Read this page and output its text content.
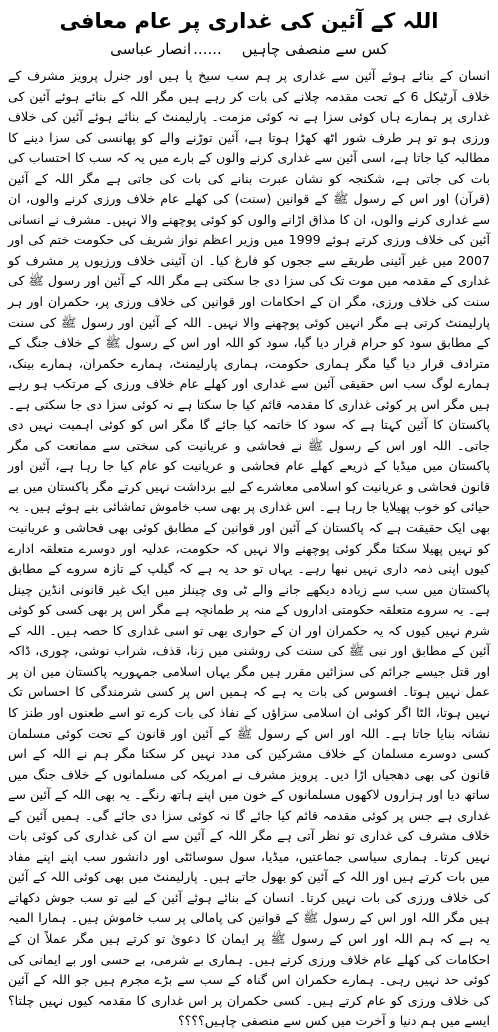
اللہ کے آئین کی غداری پر عام معافی
کس سے منصفی چاہیں......انصار عباسی

انسان کے بنائے ہوئے آئین سے غداری پر ہم سب سیخ پا ہیں اور جنرل پرویز مشرف کے خلاف آرٹیکل 6 کے تحت مقدمہ چلانے کی بات کر رہے ہیں مگر اللہ کے بنائے ہوئے آئین کی غداری پر ہمارے ہاں کوئی سزا ہے نہ کوئی مزمت۔ پارلیمنٹ کے بنائے ہوئے آئین کی خلاف ورزی ہو تو ہر طرف شور اٹھ کھڑا ہوتا ہے، آئین توڑنے والے کو پھانسی کی سزا دینے کا مطالبہ کیا جاتا ہے، اسی آئین سے غداری کرنے والوں کے بارے میں یہ کہ سب کا احتساب کی بات کی جاتی ہے، شکنجہ کو نشان عبرت بنانے کی بات کی جاتی ہے مگر اللہ کے آئین (قرآن) اور اس کے رسول ﷺ کے قوانین (سنت) کی کھلے عام خلاف ورزی کرنے والوں، ان سے غداری کرنے والوں، ان کا مذاق اڑانے والوں کو کوئی پوچھنے والا نہیں۔ مشرف نے انسانی آئین کی خلاف ورزی کرتے ہوئے 1999 میں وزیر اعظم نواز شریف کی حکومت ختم کی اور 2007 میں غیر آئینی طریقے سے ججوں کو فارغ کیا۔ ان آئینی خلاف ورزیوں پر مشرف کو غداری کے مقدمہ میں موت تک کی سزا دی جا سکتی ہے مگر اللہ کے آئین اور رسول ﷺ کی سنت کی خلاف ورزی، مگر ان کے احکامات اور قوانین کی خلاف ورزی پر، حکمران اور ہر پارلیمنٹ کرتی ہے مگر انہیں کوئی پوچھنے والا نہیں۔ اللہ کے آئین اور رسول ﷺ کی سنت کے مطابق سود کو حرام قرار دیا گیا، سود کو اللہ اور اس کے رسول ﷺ کے خلاف جنگ کے مترادف قرار دیا گیا مگر ہماری حکومت، ہماری پارلیمنٹ، ہمارے حکمران، ہمارے بینک، ہمارے لوگ سب اس حقیقی آئین سے غداری اور کھلے عام خلاف ورزی کے مرتکب ہو رہے ہیں مگر اس پر کوئی غداری کا مقدمہ قائم کیا جا سکتا ہے نہ کوئی سزا دی جا سکتی ہے۔ پاکستان کا آئین کہتا ہے کہ سود کا خاتمہ کیا جائے گا مگر اس کو کوئی اہمیت نہیں دی جاتی۔ اللہ اور اس کے رسول ﷺ نے فحاشی و عریانیت کی سختی سے ممانعت کی مگر پاکستان میں میڈیا کے ذریعے کھلے عام فحاشی و عریانیت کو عام کیا جا رہا ہے، آئین اور قانون فحاشی و عریانیت کو اسلامی معاشرے کے لیے برداشت نہیں کرتے مگر پاکستان میں بے حیائی کو خوب پھیلایا جا رہا ہے۔ اس غداری پر بھی سب خاموش تماشائی بنے ہوئے ہیں۔ یہ بھی ایک حقیقت ہے کہ پاکستان کے آئین اور قوانین کے مطابق کوئی بھی فحاشی و عریانیت کو نہیں پھیلا سکتا مگر کوئی پوچھنے والا نہیں کہ حکومت، عدلیہ اور دوسرے متعلقہ ادارے کیوں اپنی ذمہ داری نہیں نبھا رہے۔ یہاں تو حد یہ ہے کہ گیلپ کے تازہ سروے کے مطابق پاکستان میں سب سے زیادہ دیکھے جانے والے ٹی وی چینلز میں ایک غیر قانونی انڈین چینل ہے۔ یہ سروے متعلقہ حکومتی اداروں کے منہ پر طمانچہ ہے مگر اس پر بھی کسی کو کوئی شرم نہیں کیوں کہ یہ حکمران اور ان کے حواری بھی تو اسی غداری کا حصہ ہیں۔ اللہ کے آئین کے مطابق اور نبی ﷺ کی سنت کی روشنی میں زنا، قذف، شراب نوشی، چوری، ڈاکہ اور قتل جیسے جرائم کی سزائیں مقرر ہیں مگر یہاں اسلامی جمہوریہ پاکستان میں ان پر عمل نہیں ہوتا۔ افسوس کی بات یہ ہے کہ ہمیں اس پر کسی شرمندگی کا احساس تک نہیں ہوتا، الٹا اگر کوئی ان اسلامی سزاؤں کے نفاذ کی بات کرے تو اسے طعنوں اور طنز کا نشانہ بنایا جاتا ہے۔ اللہ اور اس کے رسول ﷺ کے آئین اور قانون کے تحت کوئی مسلمان کسی دوسرے مسلمان کے خلاف مشرکین کی مدد نہیں کر سکتا مگر ہم نے اللہ کے اس قانون کی بھی دھجیاں اڑا دیں۔ پرویز مشرف نے امریکہ کی مسلمانوں کے خلاف جنگ میں ساتھ دیا اور ہزاروں لاکھوں مسلمانوں کے خون میں اپنے ہاتھ رنگے۔ یہ بھی اللہ کے آئین سے غداری ہے جس پر کوئی مقدمہ قائم کیا جائے گا نہ کوئی سزا دی جائے گی۔ ہمیں آئین کے خلاف مشرف کی غداری تو نظر آتی ہے مگر اللہ کے آئین سے ان کی غداری کی کوئی بات نہیں کرتا۔ ہماری سیاسی جماعتیں، میڈیا، سول سوسائٹی اور دانشور سب اپنے اپنے مفاد میں بات کرتے ہیں اور اللہ کے آئین کو بھول جاتے ہیں۔ پارلیمنٹ میں بھی کوئی اللہ کے آئین کی خلاف ورزی کی بات نہیں کرتا۔ انسان کے بنائے ہوئے آئین کے لیے تو سب جوش دکھاتے ہیں مگر اللہ اور اس کے رسول ﷺ کے قوانین کی پامالی پر سب خاموش ہیں۔ ہمارا المیہ یہ ہے کہ ہم اللہ اور اس کے رسول ﷺ پر ایمان کا دعویٰ تو کرتے ہیں مگر عملاً ان کے احکامات کی کھلے عام خلاف ورزی کرتے ہیں۔ ہماری بے شرمی، بے حسی اور بے ایمانی کی کوئی حد نہیں رہی۔ ہمارے حکمران اس گناہ کے سب سے بڑے مجرم ہیں جو اللہ کے آئین کی خلاف ورزی کو عام کرتے ہیں۔ کسی حکمران پر اس غداری کا مقدمہ کیوں نہیں چلتا؟ ایسے میں ہم دنیا و آخرت میں کس سے منصفی چاہیں؟؟؟؟
